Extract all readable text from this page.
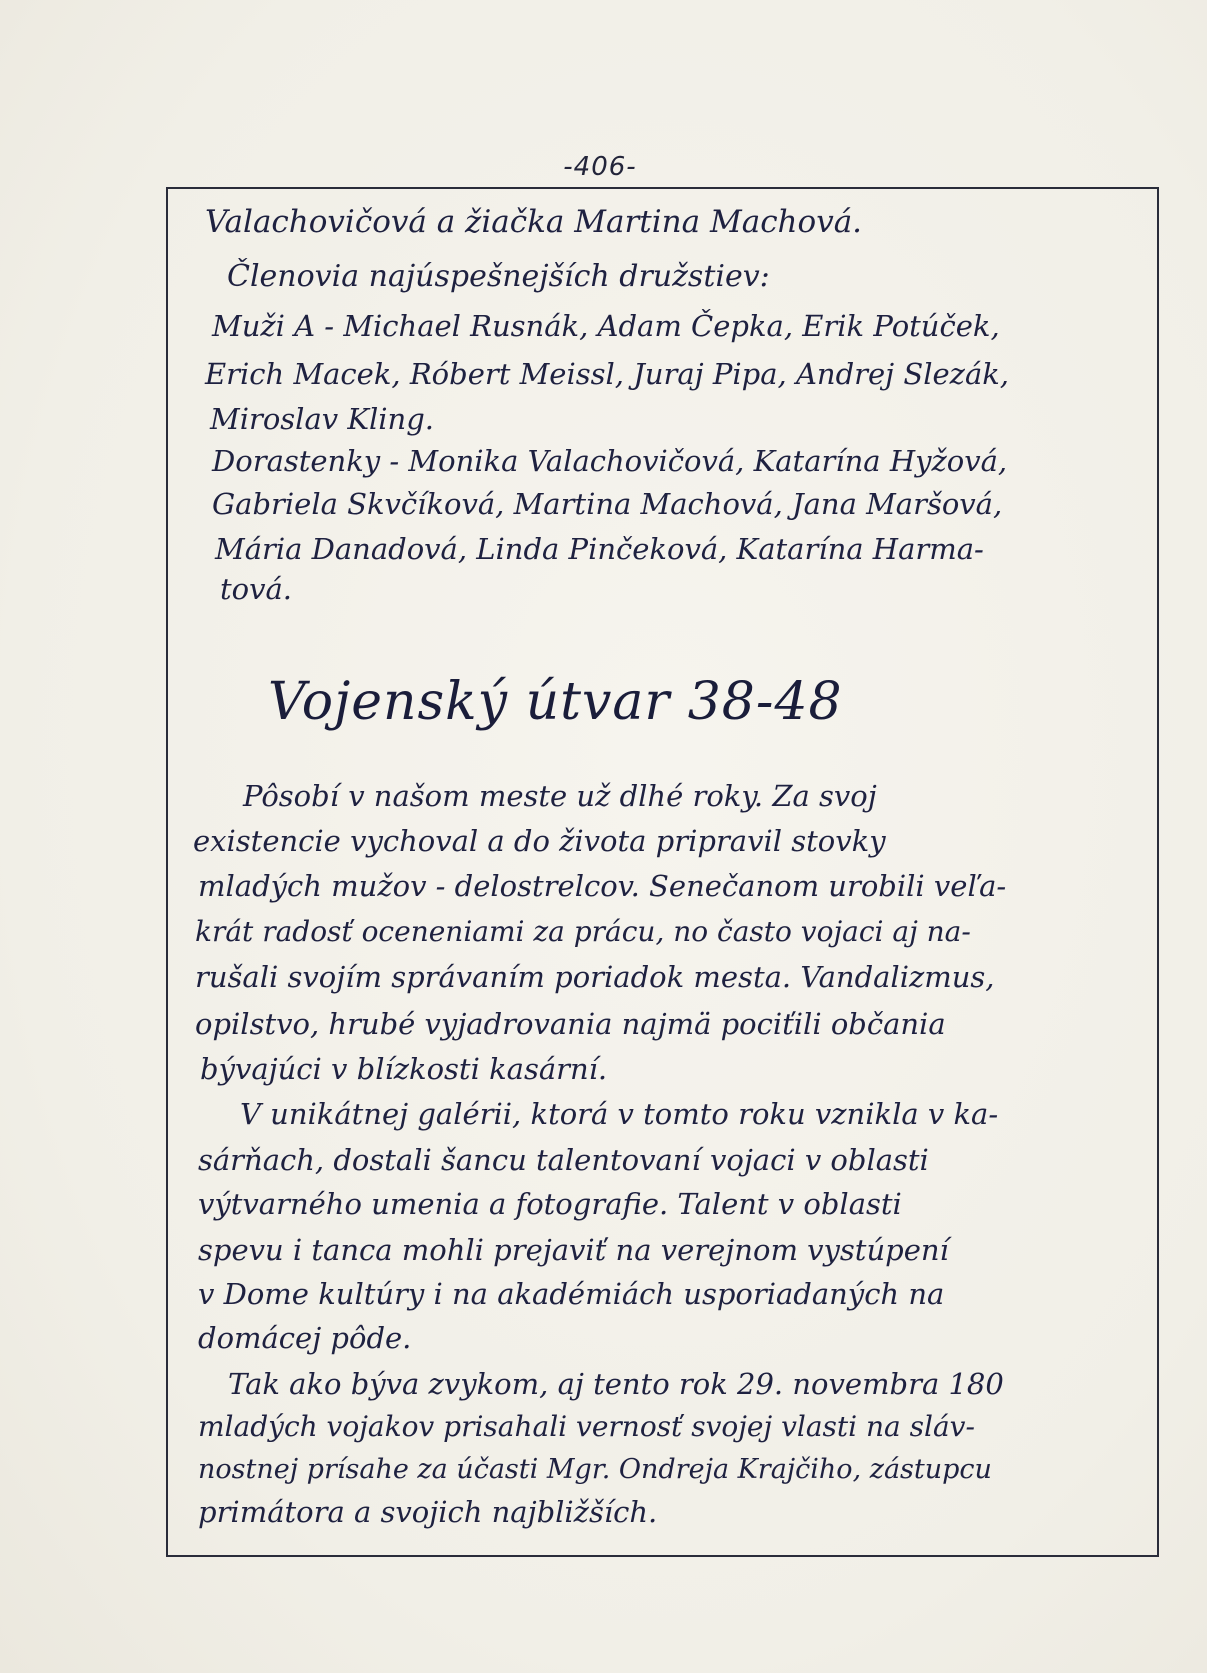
-406-
Valachovičová a žiačka Martina Machová.
Členovia najúspešnejších družstiev:
Muži A - Michael Rusnák, Adam Čepka, Erik Potúček,
Erich Macek, Róbert Meissl, Juraj Pipa, Andrej Slezák,
Miroslav Kling.
Dorastenky - Monika Valachovičová, Katarína Hyžová,
Gabriela Skvčíková, Martina Machová, Jana Maršová,
Mária Danadová, Linda Pinčeková, Katarína Harma-
tová.
Vojenský útvar 38-48
Pôsobí v našom meste už dlhé roky. Za svoj
existencie vychoval a do života pripravil stovky
mladých mužov - delostrelcov. Senečanom urobili veľa-
krát radosť oceneniami za prácu, no často vojaci aj na-
rušali svojím správaním poriadok mesta. Vandalizmus,
opilstvo, hrubé vyjadrovania najmä pociťili občania
bývajúci v blízkosti kasární.
V unikátnej galérii, ktorá v tomto roku vznikla v ka-
sárňach, dostali šancu talentovaní vojaci v oblasti
výtvarného umenia a fotografie. Talent v oblasti
spevu i tanca mohli prejaviť na verejnom vystúpení
v Dome kultúry i na akadémiách usporiadaných na
domácej pôde.
Tak ako býva zvykom, aj tento rok 29. novembra 180
mladých vojakov prisahali vernosť svojej vlasti na sláv-
nostnej prísahe za účasti Mgr. Ondreja Krajčiho, zástupcu
primátora a svojich najbližších.
